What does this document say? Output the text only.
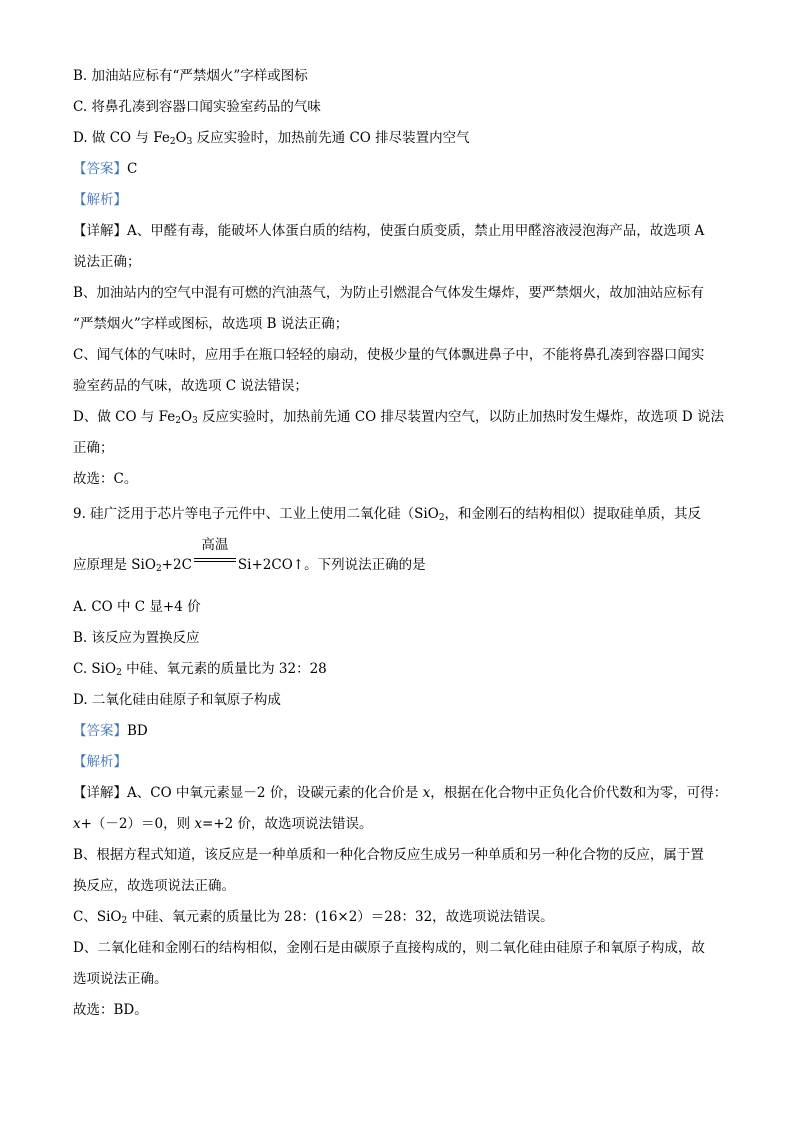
B. 加油站应标有“严禁烟火”字样或图标
C. 将鼻孔凑到容器口闻实验室药品的气味
D. 做 CO 与 $Fe_2O_3$ 反应实验时，加热前先通 CO 排尽装置内空气
【答案】C
【解析】
【详解】A、甲醛有毒，能破坏人体蛋白质的结构，使蛋白质变质，禁止用甲醛溶液浸泡海产品，故选项 A
说法正确；
B、加油站内的空气中混有可燃的汽油蒸气，为防止引燃混合气体发生爆炸，要严禁烟火，故加油站应标有
“严禁烟火”字样或图标，故选项 B 说法正确；
C、闻气体的气味时，应用手在瓶口轻轻的扇动，使极少量的气体飘进鼻子中，不能将鼻孔凑到容器口闻实
验室药品的气味，故选项 C 说法错误；
D、做 CO 与 $Fe_2O_3$ 反应实验时，加热前先通 CO 排尽装置内空气，以防止加热时发生爆炸，故选项 D 说法
正确；
故选：C。
9. 硅广泛用于芯片等电子元件中、工业上使用二氧化硅（SiO$_2$，和金刚石的结构相似）提取硅单质，其反
应原理是 SiO$_2$+2C
高温
Si+2CO↑。下列说法正确的是
A. CO 中 C 显+4 价
B. 该反应为置换反应
C. SiO$_2$ 中硅、氧元素的质量比为 32：28
D. 二氧化硅由硅原子和氧原子构成
【答案】BD
【解析】
【详解】A、CO 中氧元素显－2 价，设碳元素的化合价是 x，根据在化合物中正负化合价代数和为零，可得：
x+（－2）＝0，则 x=+2 价，故选项说法错误。
B、根据方程式知道，该反应是一种单质和一种化合物反应生成另一种单质和另一种化合物的反应，属于置
换反应，故选项说法正确。
C、SiO$_2$ 中硅、氧元素的质量比为 28：(16×2）＝28：32，故选项说法错误。
D、二氧化硅和金刚石的结构相似，金刚石是由碳原子直接构成的，则二氧化硅由硅原子和氧原子构成，故
选项说法正确。
故选：BD。
